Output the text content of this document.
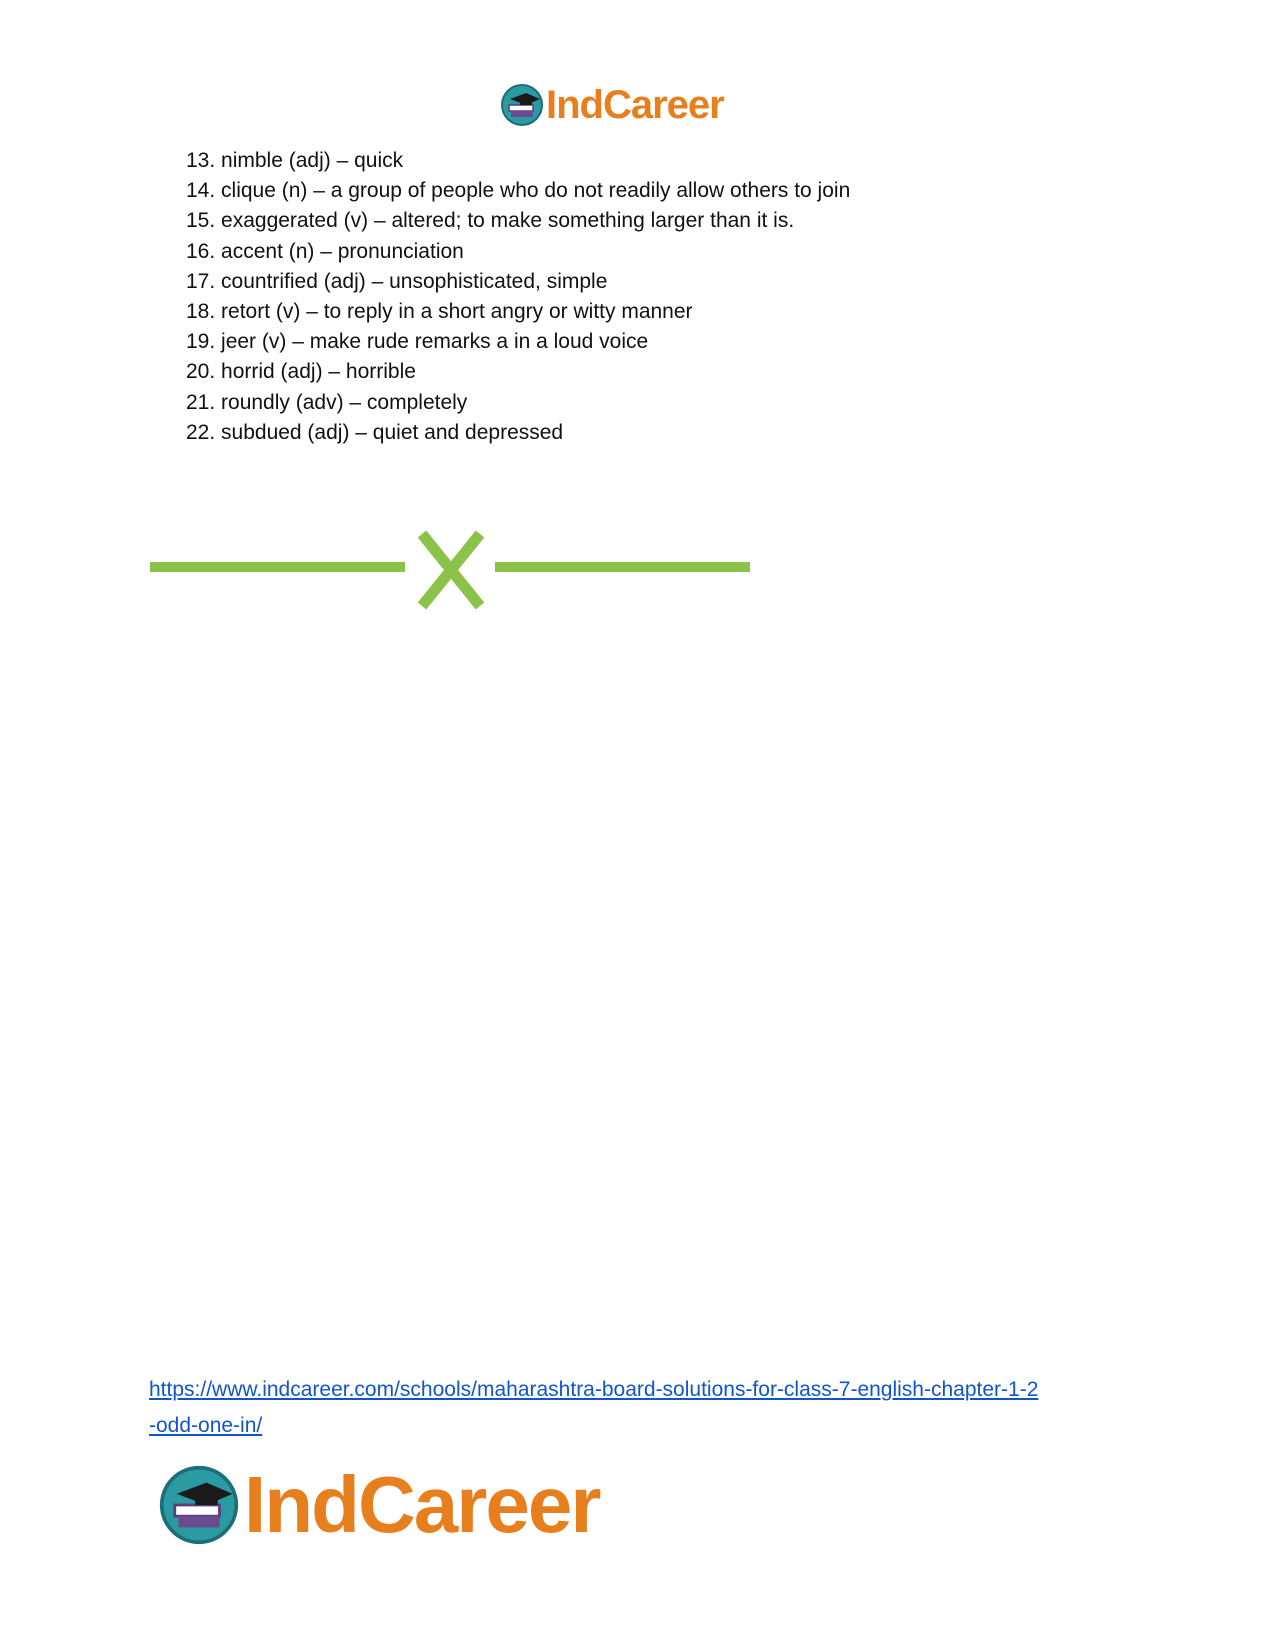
IndCareer
13. nimble (adj) – quick
14. clique (n) – a group of people who do not readily allow others to join
15. exaggerated (v) – altered; to make something larger than it is.
16. accent (n) – pronunciation
17. countrified (adj) – unsophisticated, simple
18. retort (v) – to reply in a short angry or witty manner
19. jeer (v) – make rude remarks a in a loud voice
20. horrid (adj) – horrible
21. roundly (adv) – completely
22. subdued (adj) – quiet and depressed
https://www.indcareer.com/schools/maharashtra-board-solutions-for-class-7-english-chapter-1-2
-odd-one-in/
IndCareer
